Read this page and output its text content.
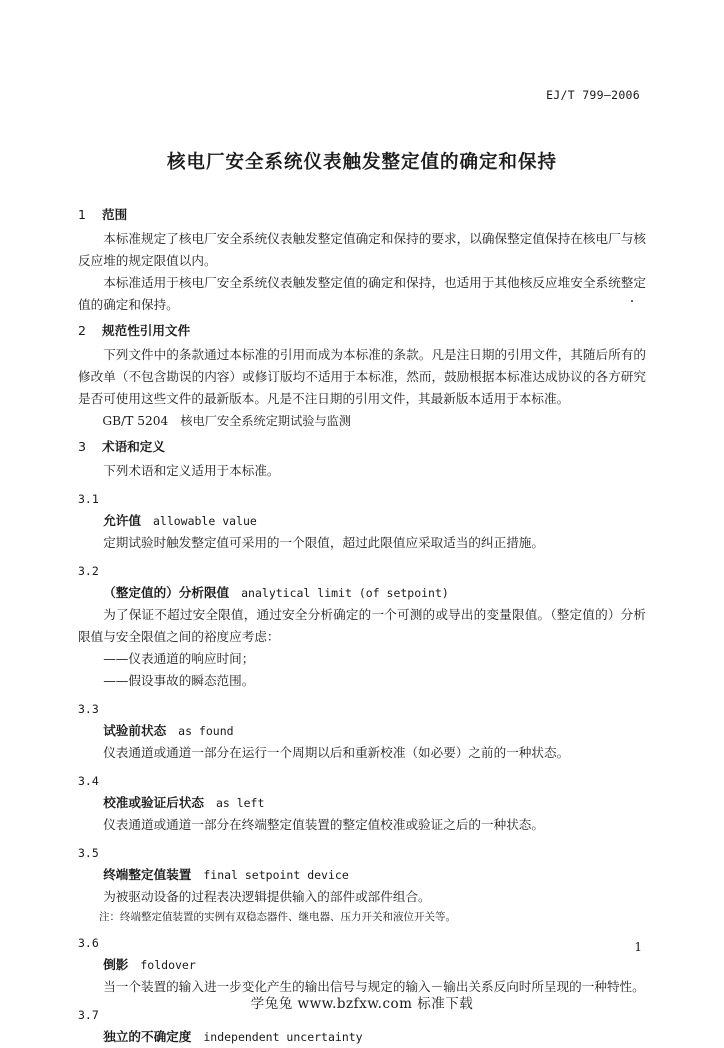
EJ/T 799—2006
核电厂安全系统仪表触发整定值的确定和保持
1 范围

本标准规定了核电厂安全系统仪表触发整定值确定和保持的要求，以确保整定值保持在核电厂与核反应堆的规定限值以内。

本标准适用于核电厂安全系统仪表触发整定值的确定和保持，也适用于其他核反应堆安全系统整定值的确定和保持。

2 规范性引用文件

下列文件中的条款通过本标准的引用而成为本标准的条款。凡是注日期的引用文件，其随后所有的修改单（不包含勘误的内容）或修订版均不适用于本标准，然而，鼓励根据本标准达成协议的各方研究是否可使用这些文件的最新版本。凡是不注日期的引用文件，其最新版本适用于本标准。

GB/T 5204　核电厂安全系统定期试验与监测

3 术语和定义

下列术语和定义适用于本标准。

3.1
允许值 allowable value

定期试验时触发整定值可采用的一个限值，超过此限值应采取适当的纠正措施。

3.2
（整定值的）分析限值 analytical limit (of setpoint)

为了保证不超过安全限值，通过安全分析确定的一个可测的或导出的变量限值。（整定值的）分析限值与安全限值之间的裕度应考虑：

——仪表通道的响应时间；

——假设事故的瞬态范围。

3.3
试验前状态 as found

仪表通道或通道一部分在运行一个周期以后和重新校准（如必要）之前的一种状态。

3.4
校准或验证后状态 as left

仪表通道或通道一部分在终端整定值装置的整定值校准或验证之后的一种状态。

3.5
终端整定值装置 final setpoint device

为被驱动设备的过程表决逻辑提供输入的部件或部件组合。

注：终端整定值装置的实例有双稳态器件、继电器、压力开关和液位开关等。

3.6
倒影 foldover

当一个装置的输入进一步变化产生的输出信号与规定的输入－输出关系反向时所呈现的一种特性。

3.7
独立的不确定度 independent uncertainty
1
学兔兔 www.bzfxw.com 标准下载
